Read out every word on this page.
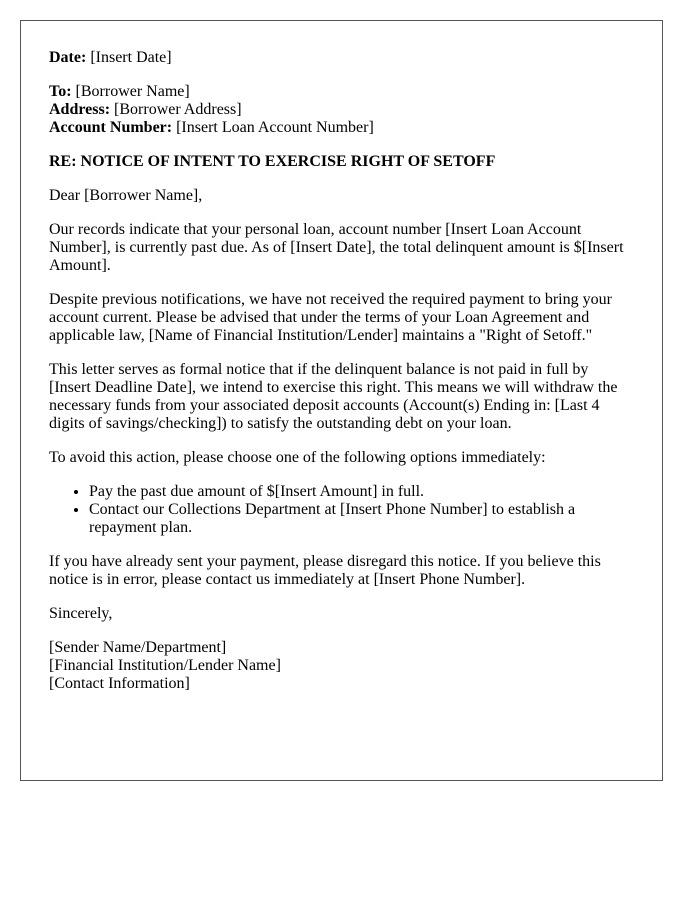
Date: [Insert Date]

To: [Borrower Name]
Address: [Borrower Address]
Account Number: [Insert Loan Account Number]

RE: NOTICE OF INTENT TO EXERCISE RIGHT OF SETOFF

Dear [Borrower Name],

Our records indicate that your personal loan, account number [Insert Loan Account Number], is currently past due. As of [Insert Date], the total delinquent amount is $[Insert Amount].

Despite previous notifications, we have not received the required payment to bring your account current. Please be advised that under the terms of your Loan Agreement and applicable law, [Name of Financial Institution/Lender] maintains a "Right of Setoff."

This letter serves as formal notice that if the delinquent balance is not paid in full by [Insert Deadline Date], we intend to exercise this right. This means we will withdraw the necessary funds from your associated deposit accounts (Account(s) Ending in: [Last 4 digits of savings/checking]) to satisfy the outstanding debt on your loan.

To avoid this action, please choose one of the following options immediately:

• Pay the past due amount of $[Insert Amount] in full.
• Contact our Collections Department at [Insert Phone Number] to establish a repayment plan.

If you have already sent your payment, please disregard this notice. If you believe this notice is in error, please contact us immediately at [Insert Phone Number].

Sincerely,

[Sender Name/Department]
[Financial Institution/Lender Name]
[Contact Information]
